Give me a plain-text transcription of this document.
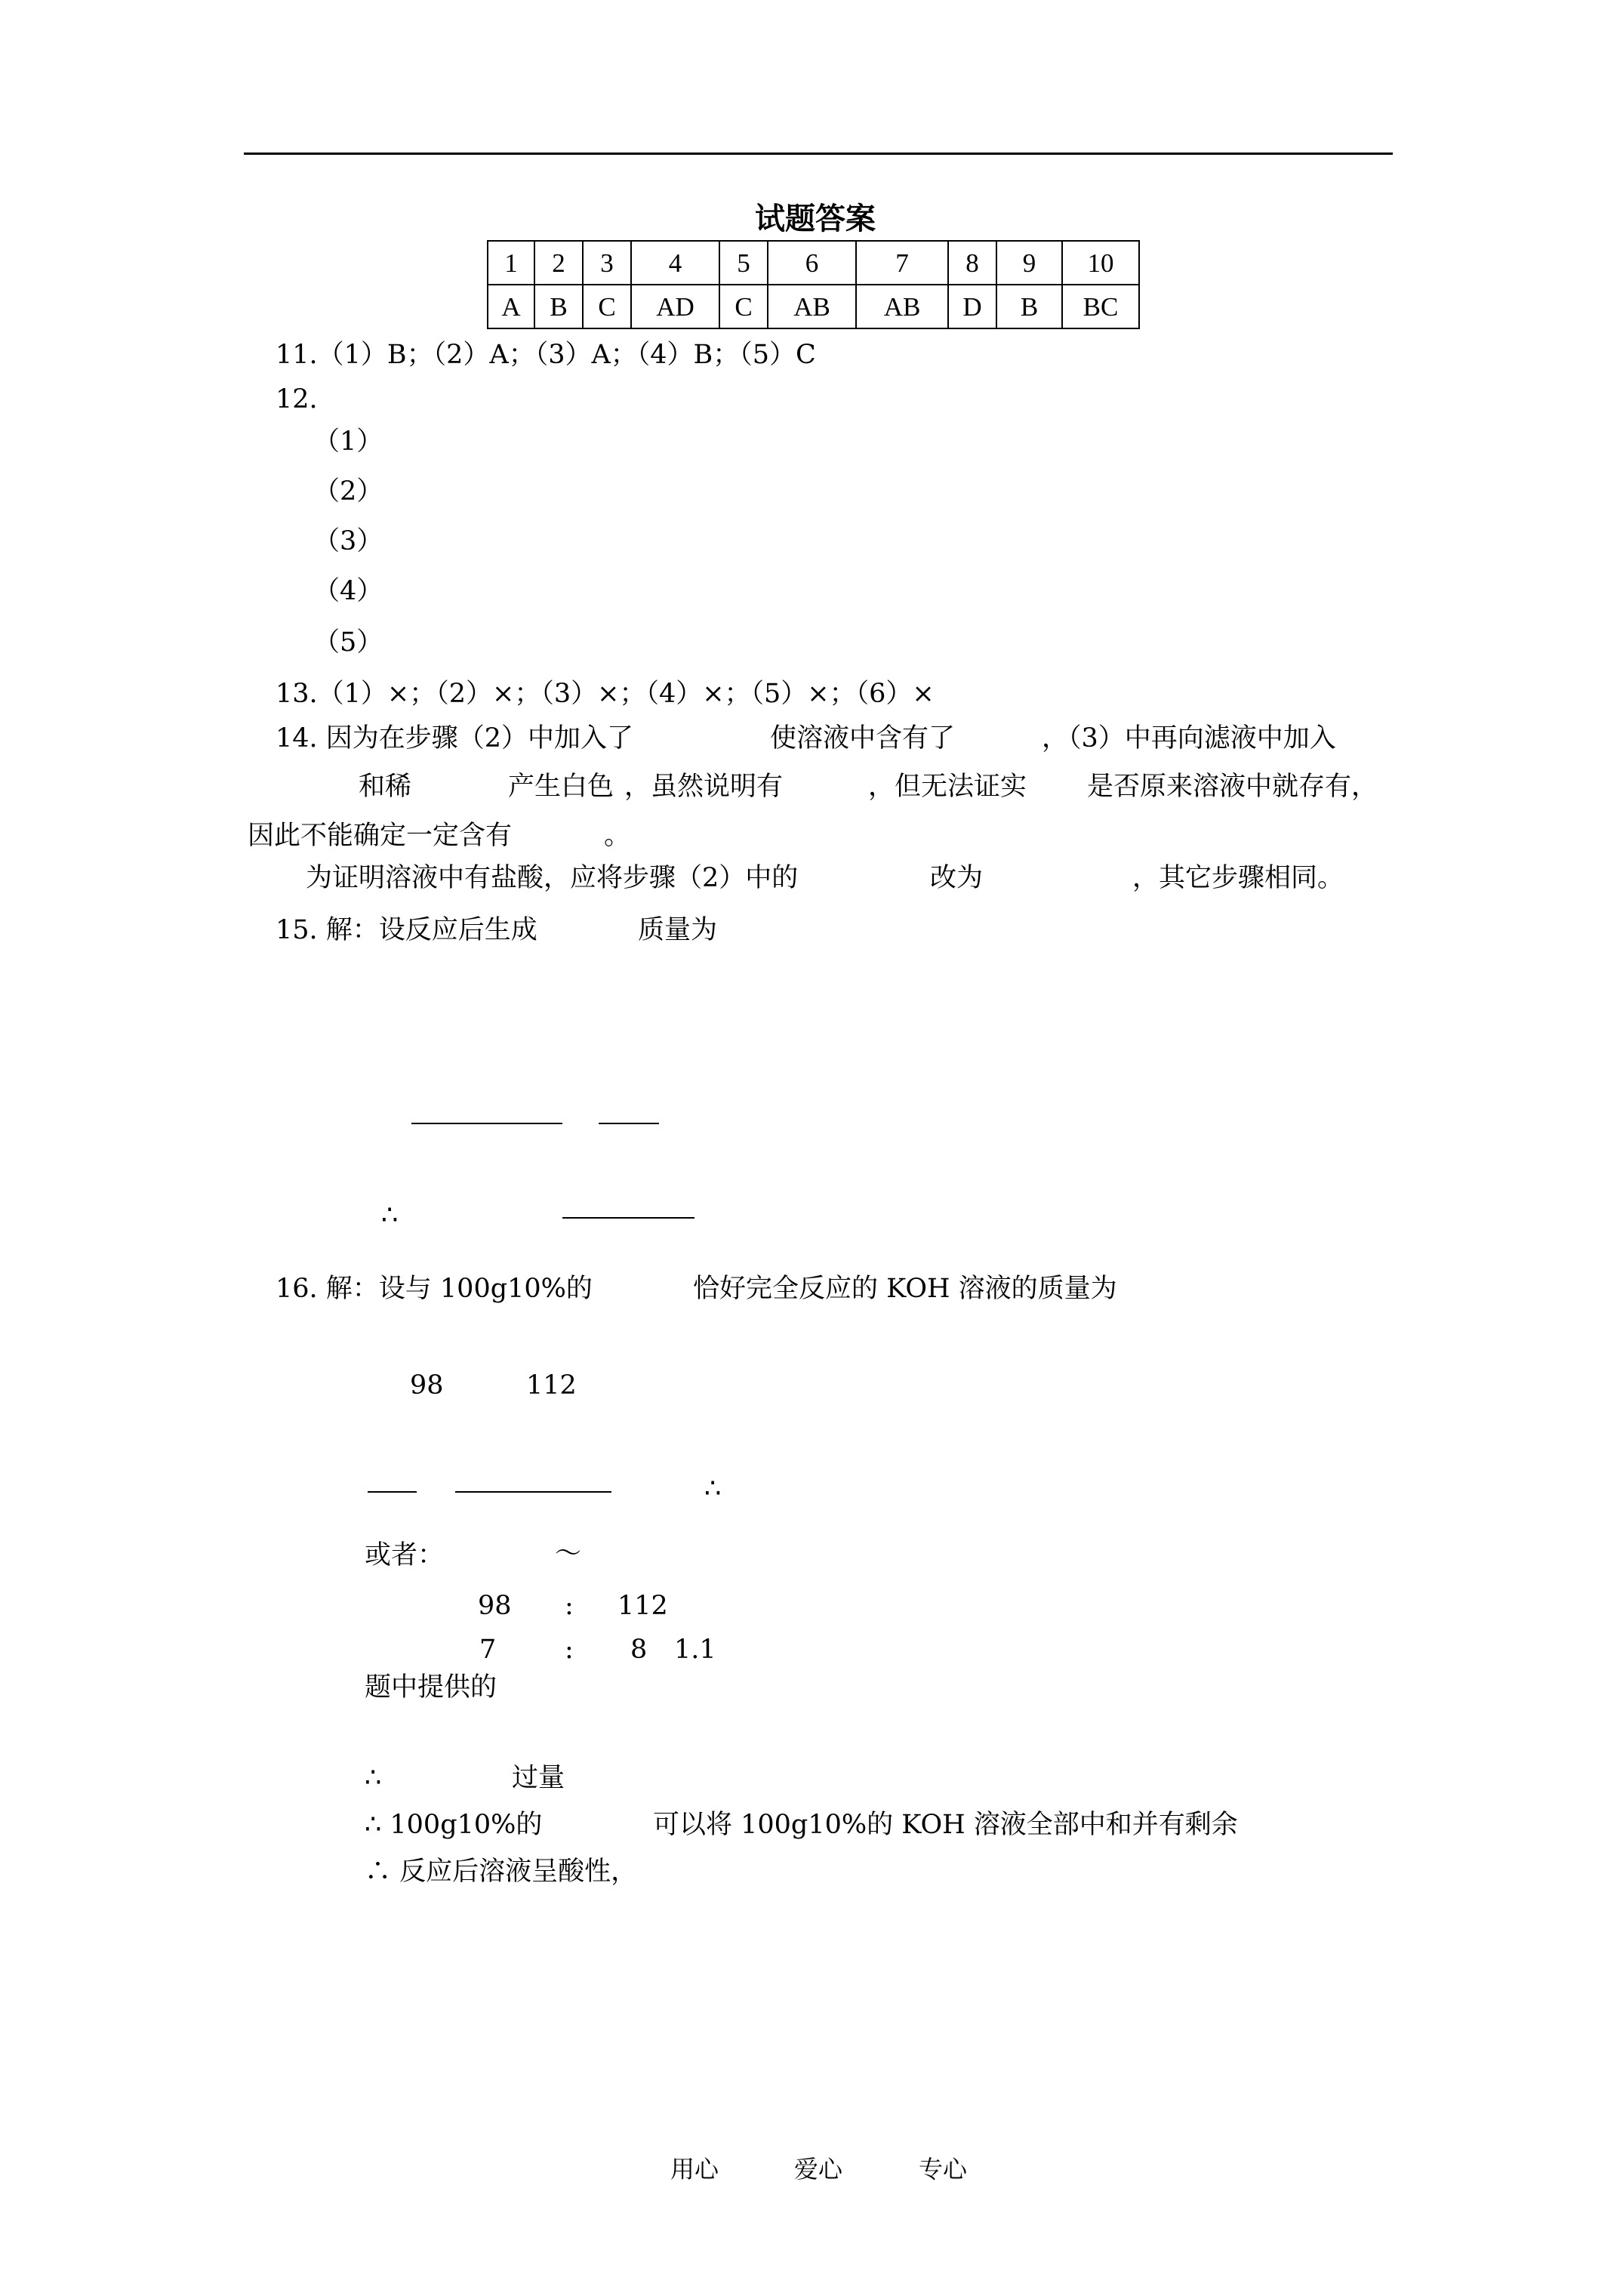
试题答案
1	2	3	4	5	6	7	8	9	10
A	B	C	AD	C	AB	AB	D	B	BC
11.（1）B；（2）A；（3）A；（4）B；（5）C
12.
（1）
（2）
（3）
（4）
（5）
13.（1）×；（2）×；（3）×；（4）×；（5）×；（6）×
14. 因为在步骤（2）中加入了	使溶液中含有了	，（3）中再向滤液中加入
和稀	产生白色 ，虽然说明有	，但无法证实 是否原来溶液中就存有，
因此不能确定一定含有	。
为证明溶液中有盐酸，应将步骤（2）中的	改为	，其它步骤相同。
15. 解：设反应后生成	质量为
∴
16. 解：设与 100g10%的	恰好完全反应的 KOH 溶液的质量为
98	112
∴
或者：	～
98 : 112
7	: 8 1.1
题中提供的
∴	过量
∴ 100g10%的	可以将 100g10%的 KOH 溶液全部中和并有剩余
∴ 反应后溶液呈酸性，
用心	爱心	专心
